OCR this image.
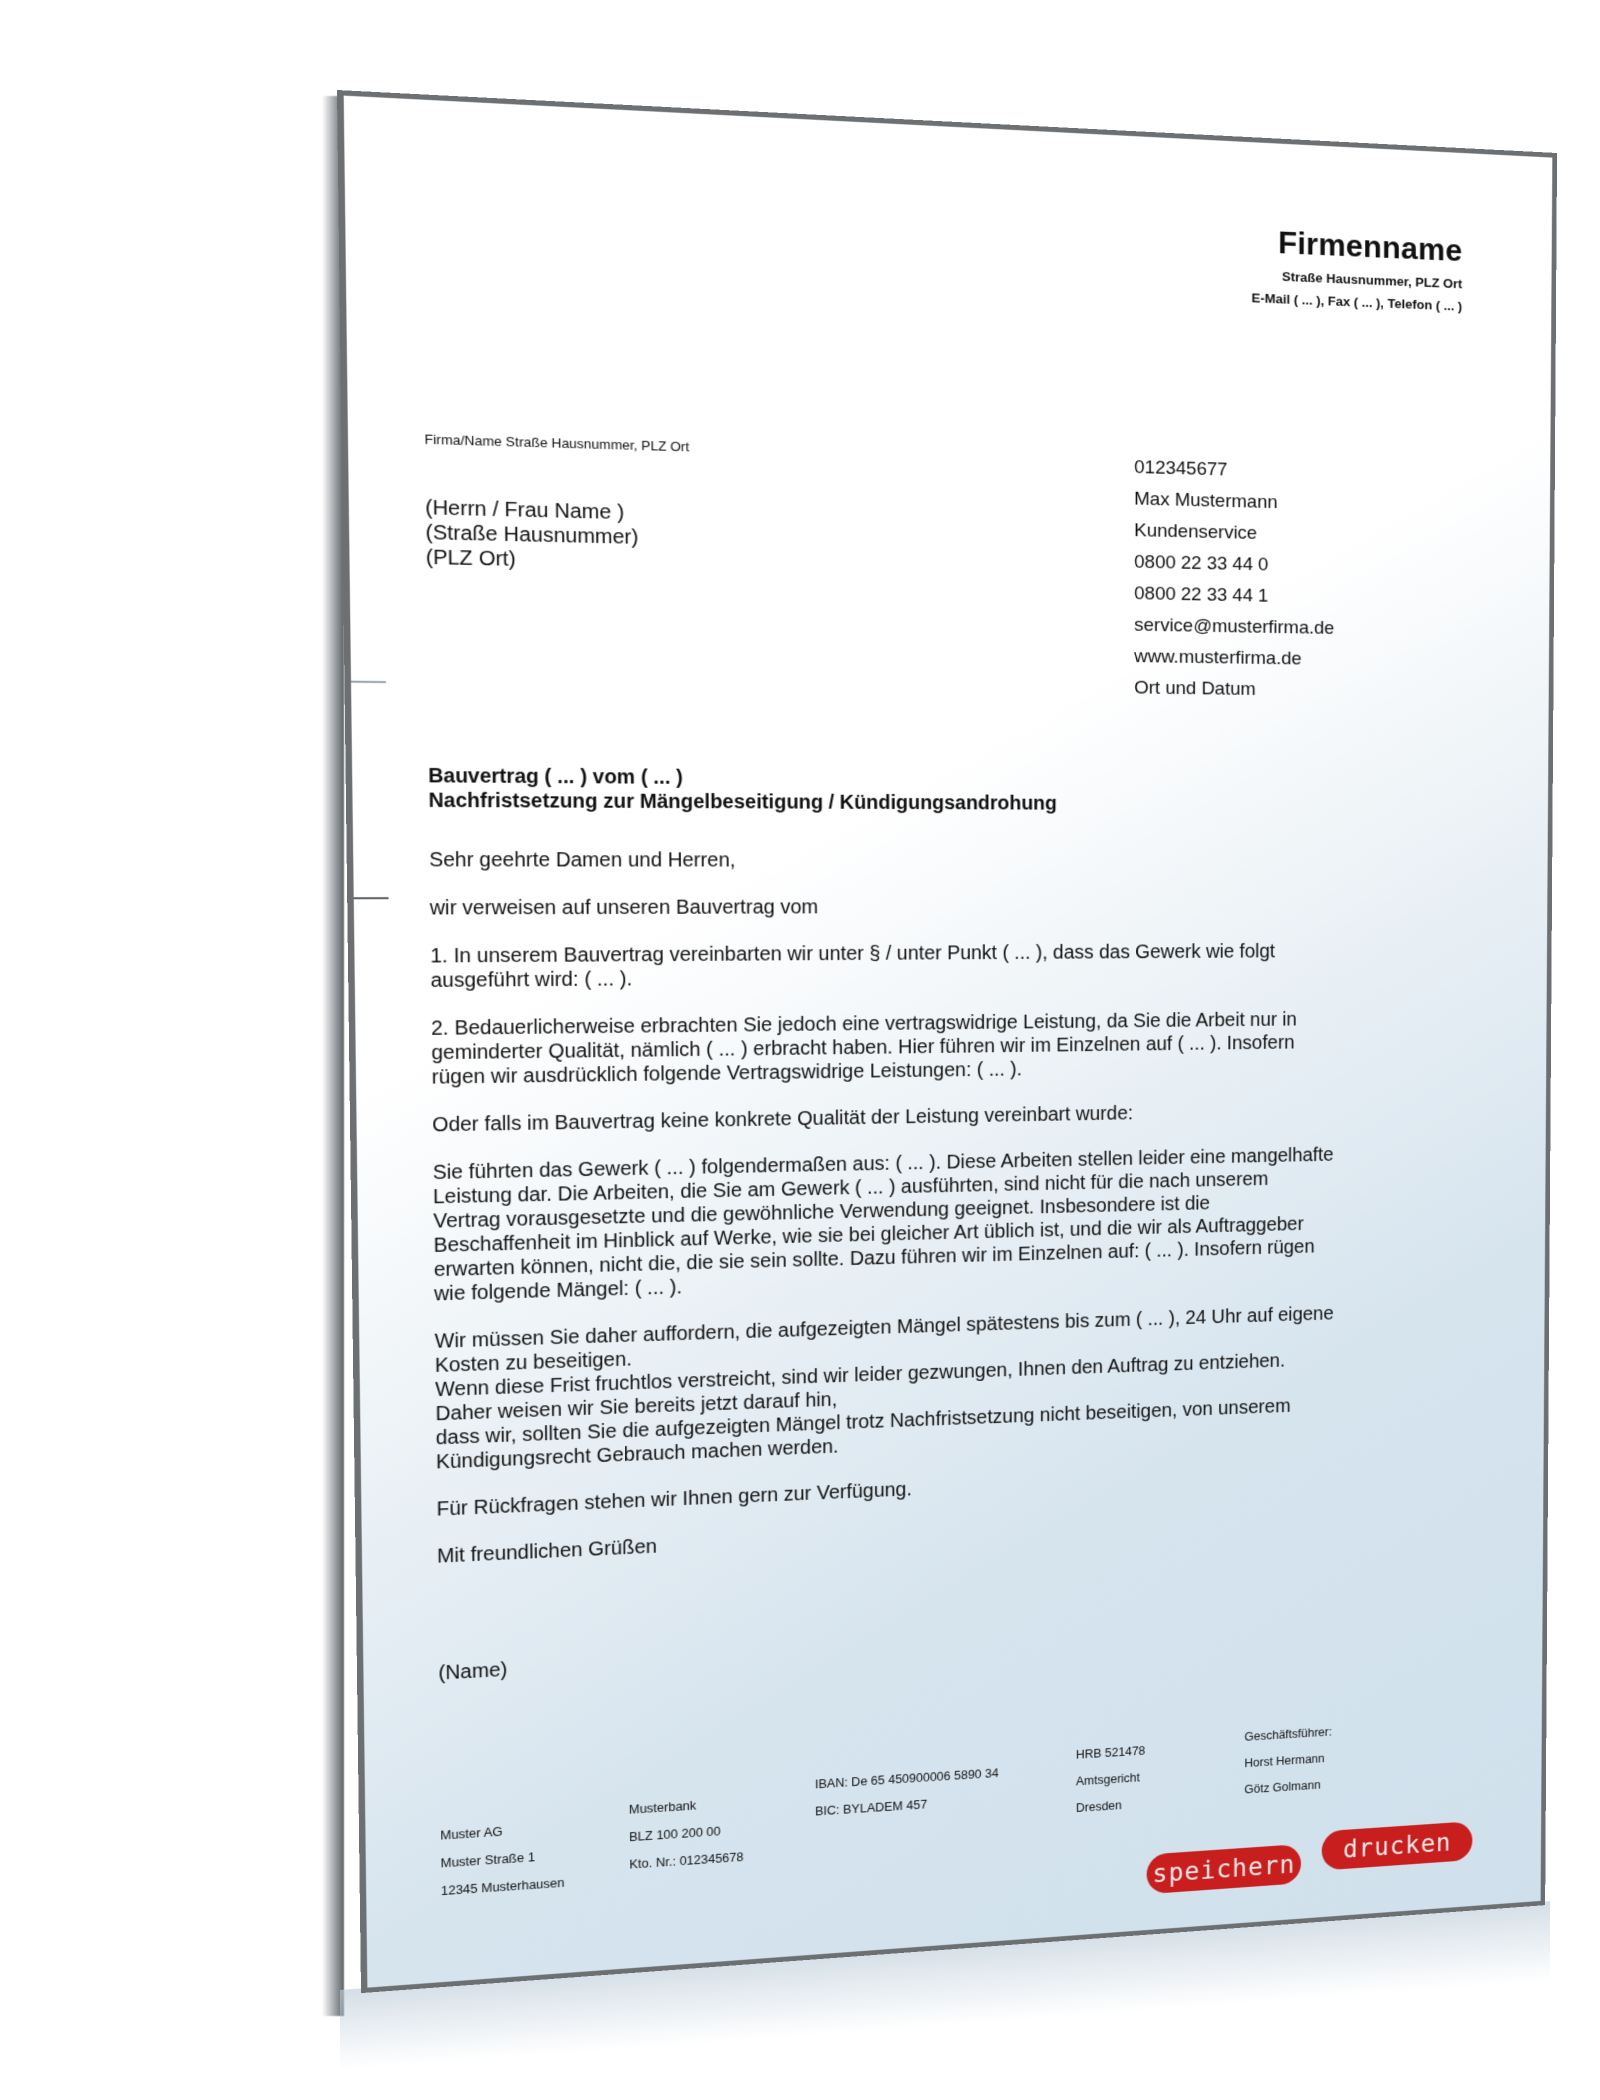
Firmenname
Straße Hausnummer, PLZ Ort
E-Mail ( ... ), Fax ( ... ), Telefon ( ... )
Firma/Name Straße Hausnummer, PLZ Ort
(Herrn / Frau Name )
(Straße Hausnummer)
(PLZ Ort)
012345677
Max Mustermann
Kundenservice
0800 22 33 44 0
0800 22 33 44 1
service@musterfirma.de
www.musterfirma.de
Ort und Datum
Bauvertrag ( ... ) vom ( ... )
Nachfristsetzung zur Mängelbeseitigung / Kündigungsandrohung

Sehr geehrte Damen und Herren,

wir verweisen auf unseren Bauvertrag vom

1. In unserem Bauvertrag vereinbarten wir unter § / unter Punkt ( ... ), dass das Gewerk wie folgt
ausgeführt wird: ( ... ).

2. Bedauerlicherweise erbrachten Sie jedoch eine vertragswidrige Leistung, da Sie die Arbeit nur in
geminderter Qualität, nämlich ( ... ) erbracht haben. Hier führen wir im Einzelnen auf ( ... ). Insofern
rügen wir ausdrücklich folgende Vertragswidrige Leistungen: ( ... ).

Oder falls im Bauvertrag keine konkrete Qualität der Leistung vereinbart wurde:

Sie führten das Gewerk ( ... ) folgendermaßen aus: ( ... ). Diese Arbeiten stellen leider eine mangelhafte
Leistung dar. Die Arbeiten, die Sie am Gewerk ( ... ) ausführten, sind nicht für die nach unserem
Vertrag vorausgesetzte und die gewöhnliche Verwendung geeignet. Insbesondere ist die
Beschaffenheit im Hinblick auf Werke, wie sie bei gleicher Art üblich ist, und die wir als Auftraggeber
erwarten können, nicht die, die sie sein sollte. Dazu führen wir im Einzelnen auf: ( ... ). Insofern rügen
wie folgende Mängel: ( ... ).

Wir müssen Sie daher auffordern, die aufgezeigten Mängel spätestens bis zum ( ... ), 24 Uhr auf eigene
Kosten zu beseitigen.
Wenn diese Frist fruchtlos verstreicht, sind wir leider gezwungen, Ihnen den Auftrag zu entziehen.
Daher weisen wir Sie bereits jetzt darauf hin,
dass wir, sollten Sie die aufgezeigten Mängel trotz Nachfristsetzung nicht beseitigen, von unserem
Kündigungsrecht Gebrauch machen werden.

Für Rückfragen stehen wir Ihnen gern zur Verfügung.

Mit freundlichen Grüßen

(Name)

Muster AG
Muster Straße 1
12345 Musterhausen
Musterbank
BLZ 100 200 00
Kto. Nr.: 012345678
IBAN: De 65 450900006 5890 34
BIC: BYLADEM 457
HRB 521478
Amtsgericht
Dresden
Geschäftsführer:
Horst Hermann
Götz Golmann
speichern
drucken
